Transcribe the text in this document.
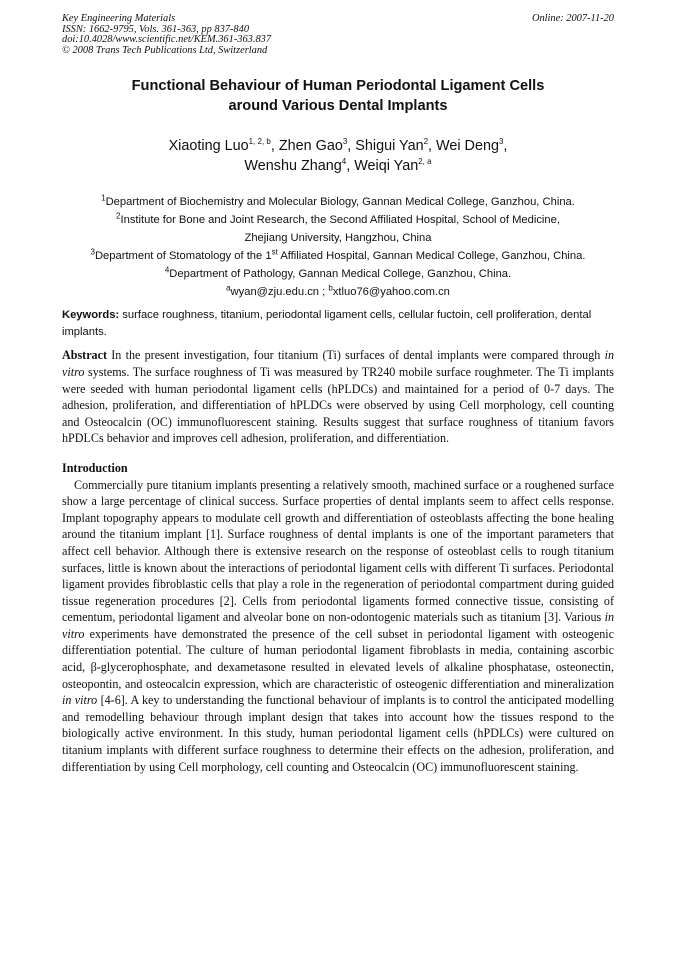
Key Engineering Materials
ISSN: 1662-9795, Vols. 361-363, pp 837-840
doi:10.4028/www.scientific.net/KEM.361-363.837
© 2008 Trans Tech Publications Ltd, Switzerland
Online: 2007-11-20
Functional Behaviour of Human Periodontal Ligament Cells
around Various Dental Implants
Xiaoting Luo$^{1, 2, b}$, Zhen Gao$^3$, Shigui Yan$^2$, Wei Deng$^3$,
Wenshu Zhang$^4$, Weiqi Yan$^{2, a}$
$^1$Department of Biochemistry and Molecular Biology, Gannan Medical College, Ganzhou, China.
$^2$Institute for Bone and Joint Research, the Second Affiliated Hospital, School of Medicine,
Zhejiang University, Hangzhou, China
$^3$Department of Stomatology of the 1st Affiliated Hospital, Gannan Medical College, Ganzhou, China.
$^4$Department of Pathology, Gannan Medical College, Ganzhou, China.
$^a$wyan@zju.edu.cn ; $^b$xtluo76@yahoo.com.cn
Keywords: surface roughness, titanium, periodontal ligament cells, cellular fuctoin, cell proliferation, dental implants.
Abstract In the present investigation, four titanium (Ti) surfaces of dental implants were compared through in vitro systems. The surface roughness of Ti was measured by TR240 mobile surface roughmeter. The Ti implants were seeded with human periodontal ligament cells (hPLDCs) and maintained for a period of 0-7 days. The adhesion, proliferation, and differentiation of hPLDCs were observed by using Cell morphology, cell counting and Osteocalcin (OC) immunofluorescent staining. Results suggest that surface roughness of titanium favors hPDLCs behavior and improves cell adhesion, proliferation, and differentiation.
Introduction
Commercially pure titanium implants presenting a relatively smooth, machined surface or a roughened surface show a large percentage of clinical success. Surface properties of dental implants seem to affect cells response. Implant topography appears to modulate cell growth and differentiation of osteoblasts affecting the bone healing around the titanium implant [1]. Surface roughness of dental implants is one of the important parameters that affect cell behavior. Although there is extensive research on the response of osteoblast cells to rough titanium surfaces, little is known about the interactions of periodontal ligament cells with different Ti surfaces. Periodontal ligament provides fibroblastic cells that play a role in the regeneration of periodontal compartment during guided tissue regeneration procedures [2]. Cells from periodontal ligaments formed connective tissue, consisting of cementum, periodontal ligament and alveolar bone on non-odontogenic materials such as titanium [3]. Various in vitro experiments have demonstrated the presence of the cell subset in periodontal ligament with osteogenic differentiation potential. The culture of human periodontal ligament fibroblasts in media, containing ascorbic acid, β-glycerophosphate, and dexametasone resulted in elevated levels of alkaline phosphatase, osteonectin, osteopontin, and osteocalcin expression, which are characteristic of osteogenic differentiation and mineralization in vitro [4-6]. A key to understanding the functional behaviour of implants is to control the anticipated modelling and remodelling behaviour through implant design that takes into account how the tissues respond to the biologically active environment. In this study, human periodontal ligament cells (hPDLCs) were cultured on titanium implants with different surface roughness to determine their effects on the adhesion, proliferation, and differentiation by using Cell morphology, cell counting and Osteocalcin (OC) immunofluorescent staining.
